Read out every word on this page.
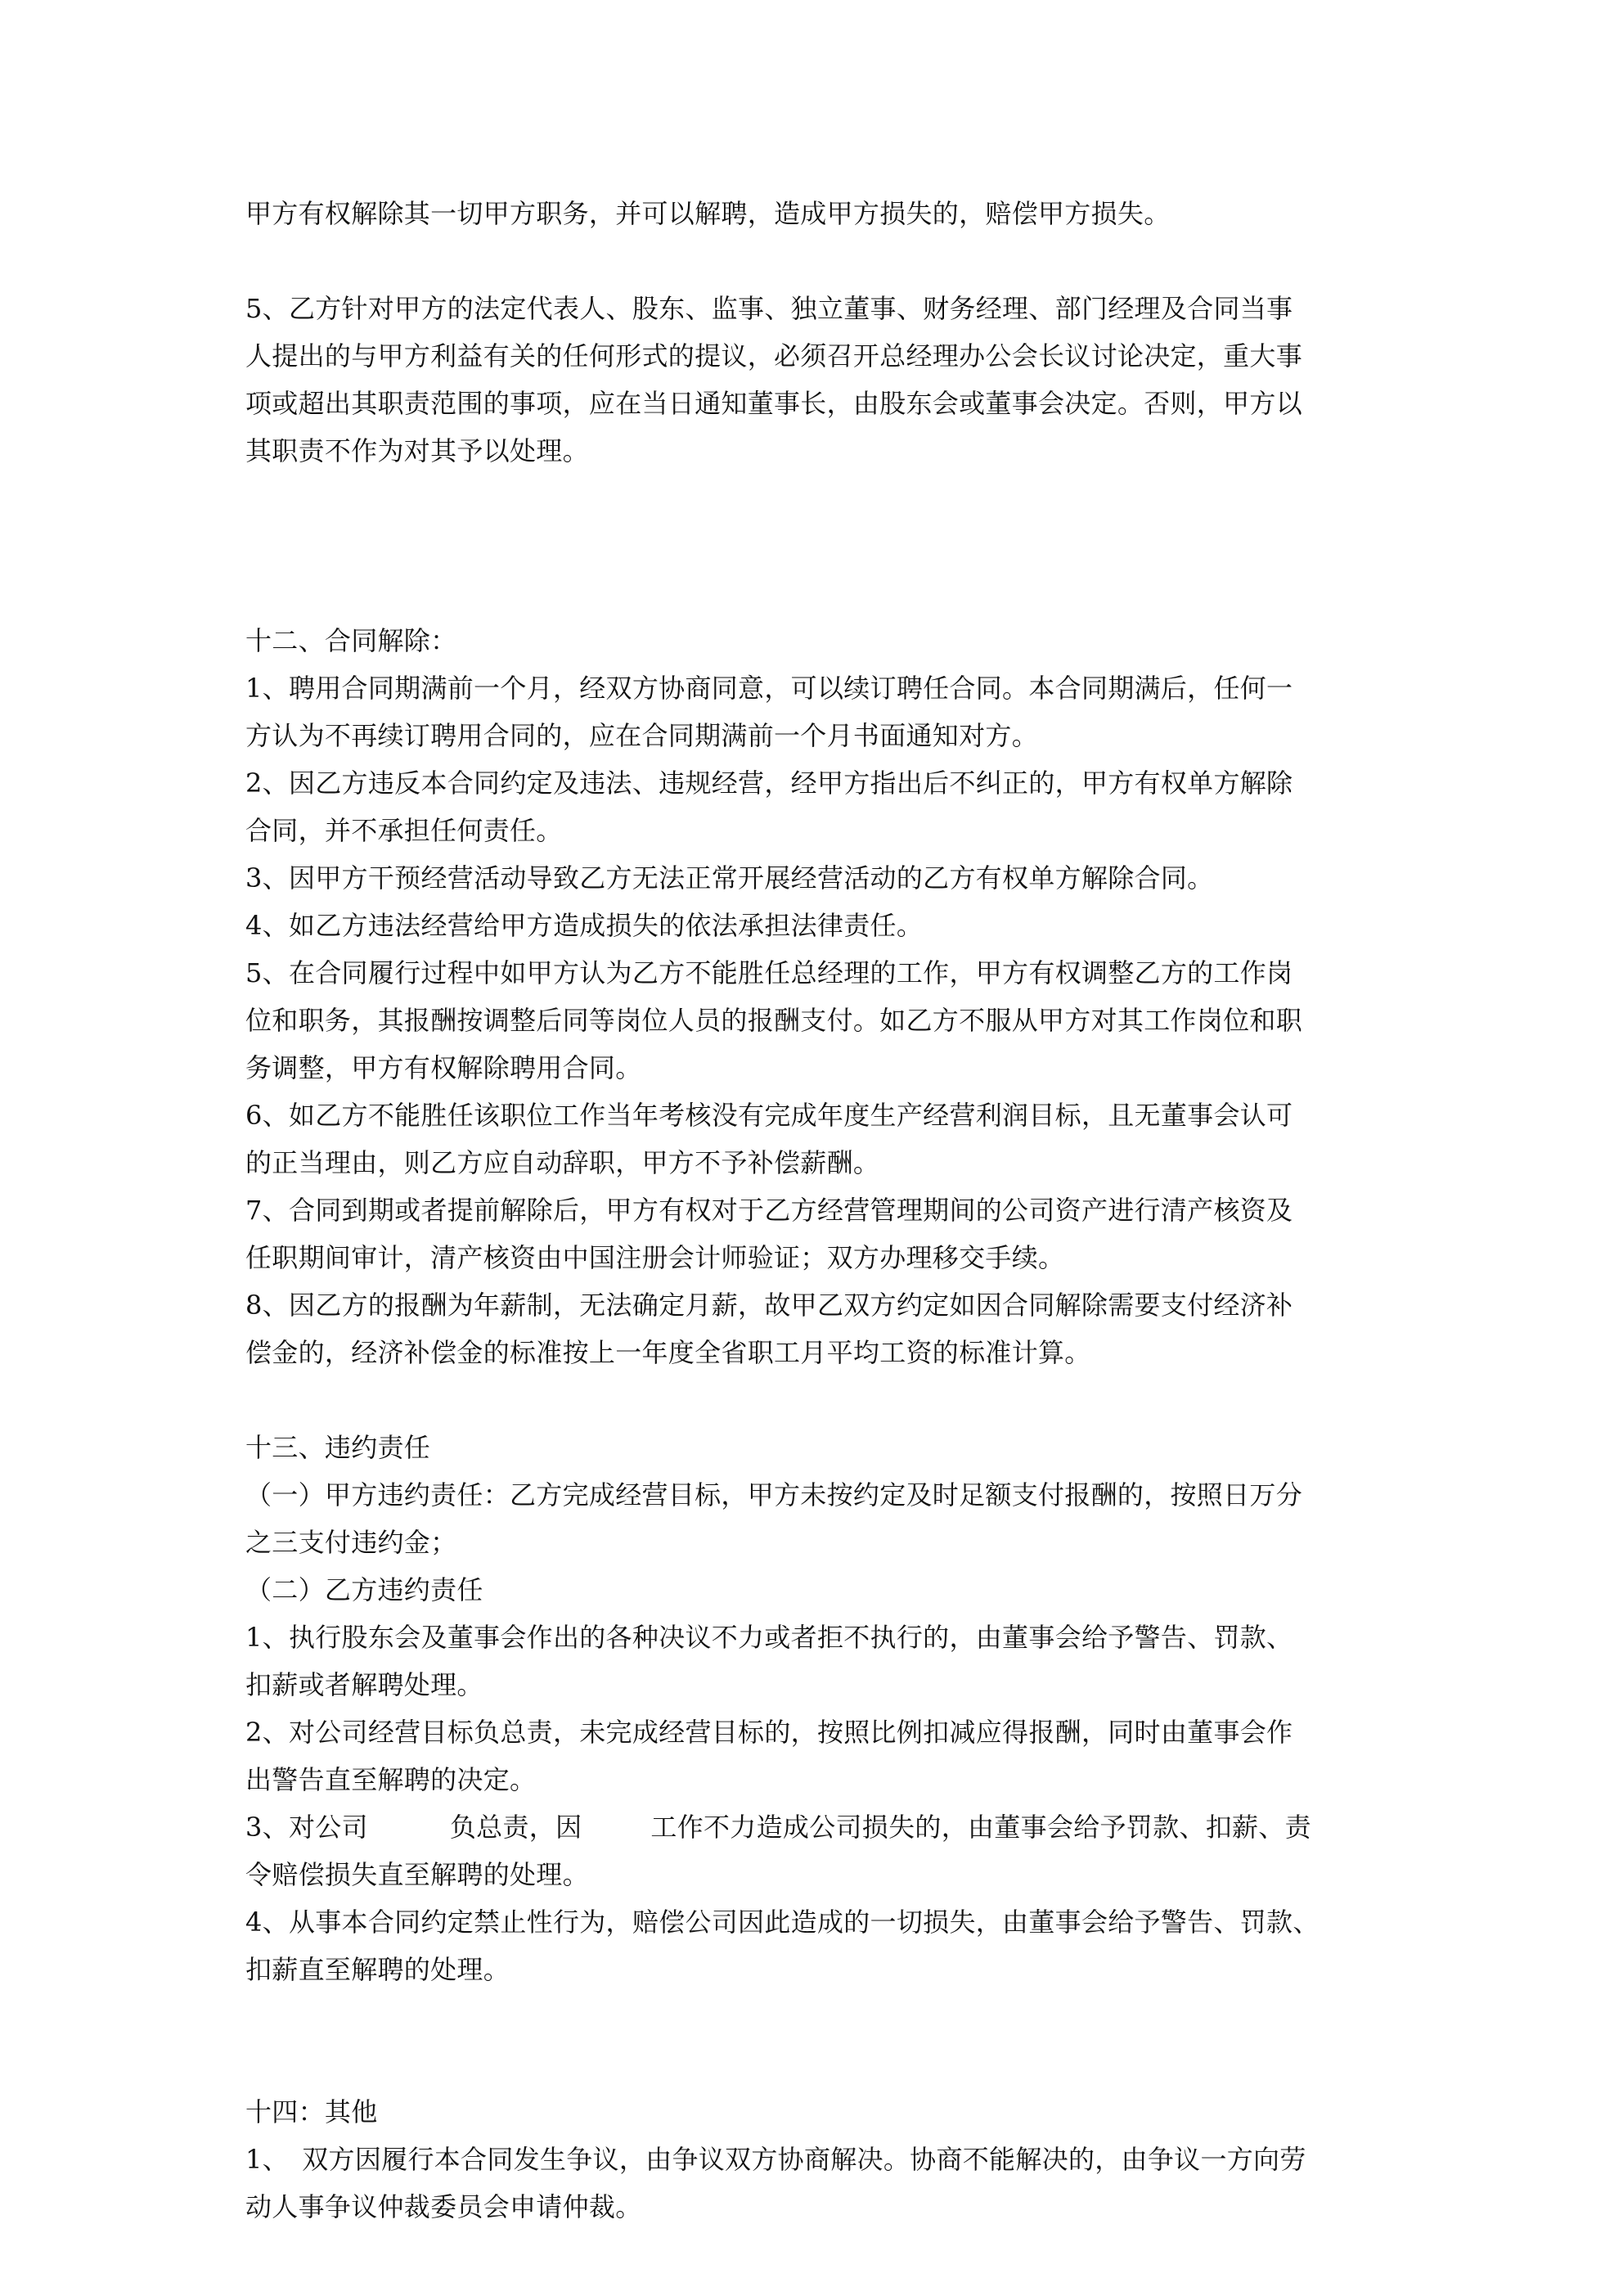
甲方有权解除其一切甲方职务，并可以解聘，造成甲方损失的，赔偿甲方损失。
5、乙方针对甲方的法定代表人、股东、监事、独立董事、财务经理、部门经理及合同当事
人提出的与甲方利益有关的任何形式的提议，必须召开总经理办公会长议讨论决定，重大事
项或超出其职责范围的事项，应在当日通知董事长，由股东会或董事会决定。否则，甲方以
其职责不作为对其予以处理。
十二、合同解除：
1、聘用合同期满前一个月，经双方协商同意，可以续订聘任合同。本合同期满后，任何一
方认为不再续订聘用合同的，应在合同期满前一个月书面通知对方。
2、因乙方违反本合同约定及违法、违规经营，经甲方指出后不纠正的，甲方有权单方解除
合同，并不承担任何责任。
3、因甲方干预经营活动导致乙方无法正常开展经营活动的乙方有权单方解除合同。
4、如乙方违法经营给甲方造成损失的依法承担法律责任。
5、在合同履行过程中如甲方认为乙方不能胜任总经理的工作，甲方有权调整乙方的工作岗
位和职务，其报酬按调整后同等岗位人员的报酬支付。如乙方不服从甲方对其工作岗位和职
务调整，甲方有权解除聘用合同。
6、如乙方不能胜任该职位工作当年考核没有完成年度生产经营利润目标，且无董事会认可
的正当理由，则乙方应自动辞职，甲方不予补偿薪酬。
7、合同到期或者提前解除后，甲方有权对于乙方经营管理期间的公司资产进行清产核资及
任职期间审计，清产核资由中国注册会计师验证；双方办理移交手续。
8、因乙方的报酬为年薪制，无法确定月薪，故甲乙双方约定如因合同解除需要支付经济补
偿金的，经济补偿金的标准按上一年度全省职工月平均工资的标准计算。
十三、违约责任
（一）甲方违约责任：乙方完成经营目标，甲方未按约定及时足额支付报酬的，按照日万分
之三支付违约金；
（二）乙方违约责任
1、执行股东会及董事会作出的各种决议不力或者拒不执行的，由董事会给予警告、罚款、
扣薪或者解聘处理。
2、对公司经营目标负总责，未完成经营目标的，按照比例扣减应得报酬，同时由董事会作
出警告直至解聘的决定。
3、对公司	负总责，因	工作不力造成公司损失的，由董事会给予罚款、扣薪、责
令赔偿损失直至解聘的处理。
4、从事本合同约定禁止性行为，赔偿公司因此造成的一切损失，由董事会给予警告、罚款、
扣薪直至解聘的处理。
十四：其他
1、　双方因履行本合同发生争议，由争议双方协商解决。协商不能解决的，由争议一方向劳
动人事争议仲裁委员会申请仲裁。
